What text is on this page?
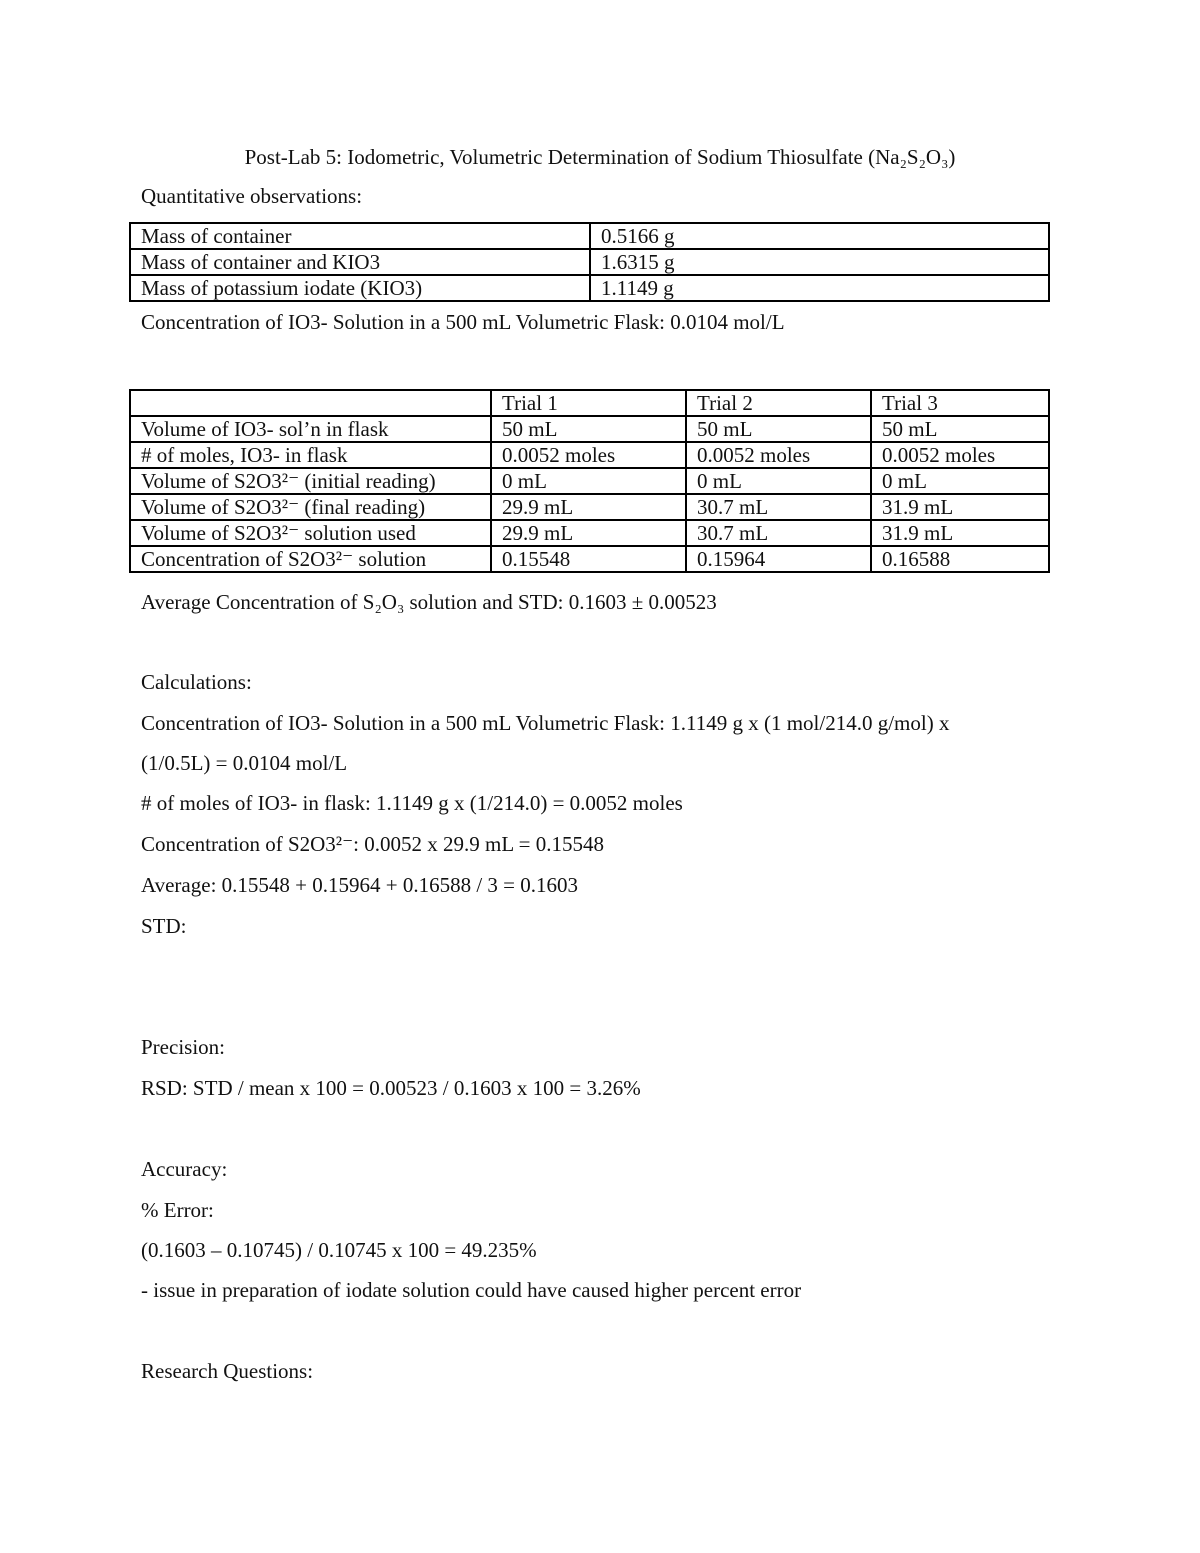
Post-Lab 5: Iodometric, Volumetric Determination of Sodium Thiosulfate (Na₂S₂O₃)
Quantitative observations:
Mass of container	0.5166 g
Mass of container and KIO3	1.6315 g
Mass of potassium iodate (KIO3)	1.1149 g
Concentration of IO3- Solution in a 500 mL Volumetric Flask: 0.0104 mol/L
	Trial 1	Trial 2	Trial 3
Volume of IO3- sol’n in flask	50 mL	50 mL	50 mL
# of moles, IO3- in flask	0.0052 moles	0.0052 moles	0.0052 moles
Volume of S2O3²⁻ (initial reading)	0 mL	0 mL	0 mL
Volume of S2O3²⁻ (final reading)	29.9 mL	30.7 mL	31.9 mL
Volume of S2O3²⁻ solution used	29.9 mL	30.7 mL	31.9 mL
Concentration of S2O3²⁻ solution	0.15548	0.15964	0.16588
Average Concentration of S₂O₃ solution and STD: 0.1603 ± 0.00523
Calculations:
Concentration of IO3- Solution in a 500 mL Volumetric Flask: 1.1149 g x (1 mol/214.0 g/mol) x
(1/0.5L) = 0.0104 mol/L
# of moles of IO3- in flask: 1.1149 g x (1/214.0) = 0.0052 moles
Concentration of S2O3²⁻: 0.0052 x 29.9 mL = 0.15548
Average: 0.15548 + 0.15964 + 0.16588 / 3 = 0.1603
STD:
Precision:
RSD: STD / mean x 100 = 0.00523 / 0.1603 x 100 = 3.26%
Accuracy:
% Error:
(0.1603 – 0.10745) / 0.10745 x 100 = 49.235%
- issue in preparation of iodate solution could have caused higher percent error
Research Questions:
